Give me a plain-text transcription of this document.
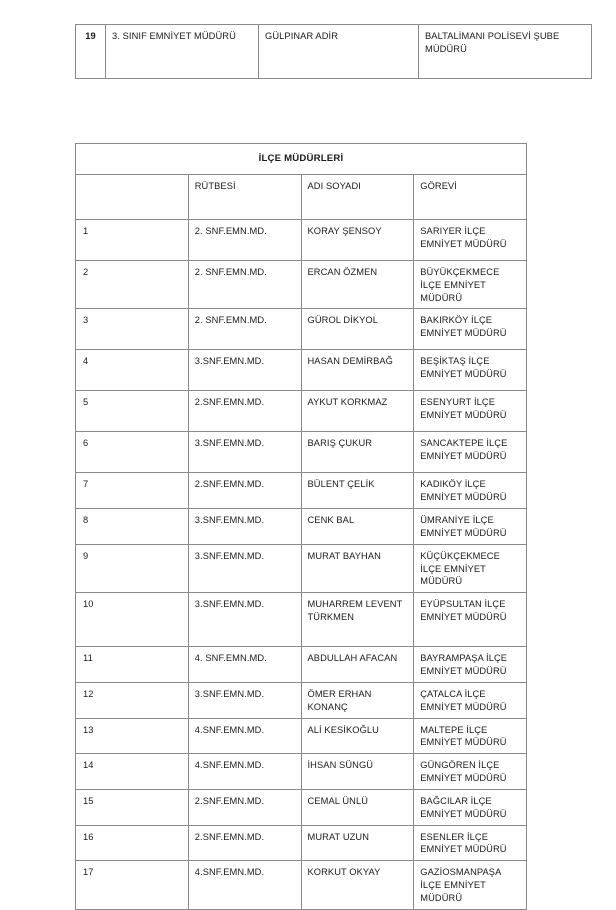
19	3. SINIF EMNİYET MÜDÜRÜ	GÜLPINAR ADİR	BALTALİMANI POLİSEVİ ŞUBE MÜDÜRÜ
İLÇE MÜDÜRLERİ			
	RÜTBESİ	ADI SOYADI	GÖREVİ
1	2. SNF.EMN.MD.	KORAY ŞENSOY	SARIYER İLÇE EMNİYET MÜDÜRÜ
2	2. SNF.EMN.MD.	ERCAN ÖZMEN	BÜYÜKÇEKMECE İLÇE EMNİYET MÜDÜRÜ
3	2. SNF.EMN.MD.	GÜROL DİKYOL	BAKIRKÖY İLÇE EMNİYET MÜDÜRÜ
4	3.SNF.EMN.MD.	HASAN DEMİRBAĞ	BEŞİKTAŞ İLÇE EMNİYET MÜDÜRÜ
5	2.SNF.EMN.MD.	AYKUT KORKMAZ	ESENYURT İLÇE EMNİYET MÜDÜRÜ
6	3.SNF.EMN.MD.	BARIŞ ÇUKUR	SANCAKTEPE İLÇE EMNİYET MÜDÜRÜ
7	2.SNF.EMN.MD.	BÜLENT ÇELİK	KADIKÖY İLÇE EMNİYET MÜDÜRÜ
8	3.SNF.EMN.MD.	CENK BAL	ÜMRANİYE İLÇE EMNİYET MÜDÜRÜ
9	3.SNF.EMN.MD.	MURAT BAYHAN	KÜÇÜKÇEKMECE İLÇE EMNİYET MÜDÜRÜ
10	3.SNF.EMN.MD.	MUHARREM LEVENT TÜRKMEN	EYÜPSULTAN İLÇE EMNİYET MÜDÜRÜ
11	4. SNF.EMN.MD.	ABDULLAH AFACAN	BAYRAMPAŞA İLÇE EMNİYET MÜDÜRÜ
12	3.SNF.EMN.MD.	ÖMER ERHAN KONANÇ	ÇATALCA İLÇE EMNİYET MÜDÜRÜ
13	4.SNF.EMN.MD.	ALİ KESİKOĞLU	MALTEPE İLÇE EMNİYET MÜDÜRÜ
14	4.SNF.EMN.MD.	İHSAN SÜNGÜ	GÜNGÖREN İLÇE EMNİYET MÜDÜRÜ
15	2.SNF.EMN.MD.	CEMAL ÜNLÜ	BAĞCILAR İLÇE EMNİYET MÜDÜRÜ
16	2.SNF.EMN.MD.	MURAT UZUN	ESENLER İLÇE EMNİYET MÜDÜRÜ
17	4.SNF.EMN.MD.	KORKUT OKYAY	GAZİOSMANPAŞA İLÇE EMNİYET MÜDÜRÜ
